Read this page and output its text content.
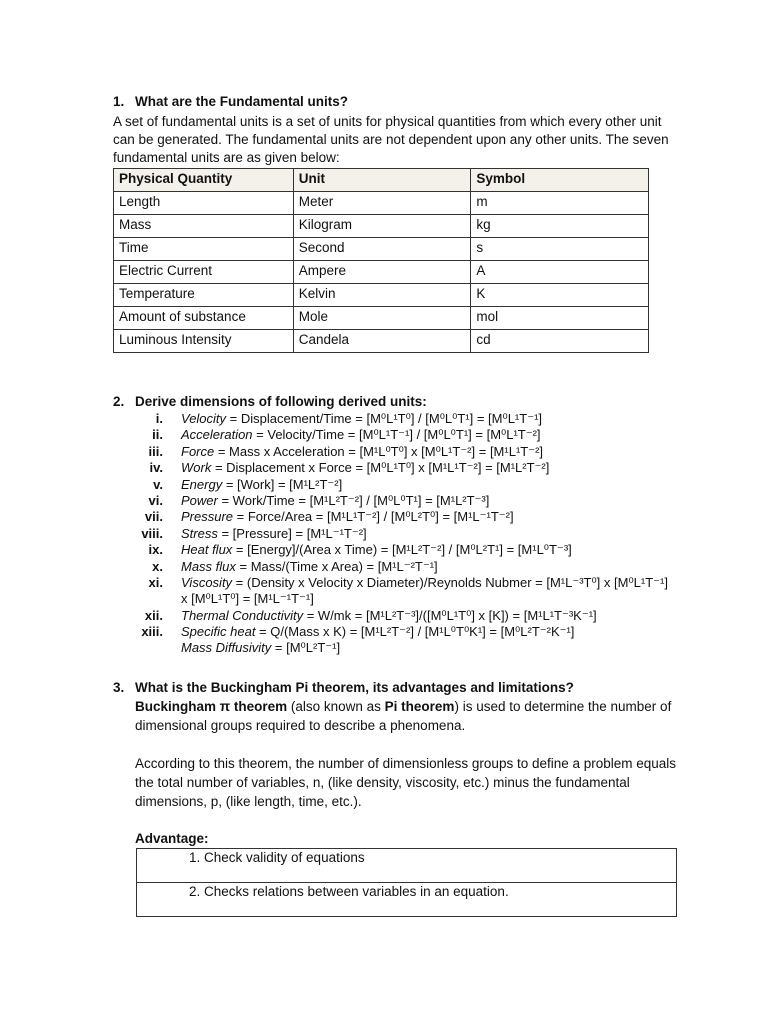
1. What are the Fundamental units?
A set of fundamental units is a set of units for physical quantities from which every other unit can be generated. The fundamental units are not dependent upon any other units. The seven fundamental units are as given below:
Physical Quantity	Unit	Symbol
Length	Meter	m
Mass	Kilogram	kg
Time	Second	s
Electric Current	Ampere	A
Temperature	Kelvin	K
Amount of substance	Mole	mol
Luminous Intensity	Candela	cd
2. Derive dimensions of following derived units:
i.	Velocity = Displacement/Time = [M⁰L¹T⁰] / [M⁰L⁰T¹] = [M⁰L¹T⁻¹]
ii.	Acceleration = Velocity/Time = [M⁰L¹T⁻¹] / [M⁰L⁰T¹] = [M⁰L¹T⁻²]
iii.	Force = Mass x Acceleration = [M¹L⁰T⁰] x [M⁰L¹T⁻²] = [M¹L¹T⁻²]
iv.	Work = Displacement x Force = [M⁰L¹T⁰] x [M¹L¹T⁻²] = [M¹L²T⁻²]
v.	Energy = [Work] = [M¹L²T⁻²]
vi.	Power = Work/Time = [M¹L²T⁻²] / [M⁰L⁰T¹] = [M¹L²T⁻³]
vii.	Pressure = Force/Area = [M¹L¹T⁻²] / [M⁰L²T⁰] = [M¹L⁻¹T⁻²]
viii.	Stress = [Pressure] = [M¹L⁻¹T⁻²]
ix.	Heat flux = [Energy]/(Area x Time) = [M¹L²T⁻²] / [M⁰L²T¹] = [M¹L⁰T⁻³]
x.	Mass flux = Mass/(Time x Area) = [M¹L⁻²T⁻¹]
xi.	Viscosity = (Density x Velocity x Diameter)/Reynolds Nubmer = [M¹L⁻³T⁰] x [M⁰L¹T⁻¹]
x [M⁰L¹T⁰] = [M¹L⁻¹T⁻¹]
xii.	Thermal Conductivity = W/mk = [M¹L²T⁻³]/([M⁰L¹T⁰] x [K]) = [M¹L¹T⁻³K⁻¹]
xiii.	Specific heat = Q/(Mass x K) = [M¹L²T⁻²] / [M¹L⁰T⁰K¹] = [M⁰L²T⁻²K⁻¹]
Mass Diffusivity = [M⁰L²T⁻¹]
3. What is the Buckingham Pi theorem, its advantages and limitations?
Buckingham π theorem (also known as Pi theorem) is used to determine the number of dimensional groups required to describe a phenomena.
According to this theorem, the number of dimensionless groups to define a problem equals the total number of variables, n, (like density, viscosity, etc.) minus the fundamental dimensions, p, (like length, time, etc.).
Advantage:
1. Check validity of equations
2. Checks relations between variables in an equation.
